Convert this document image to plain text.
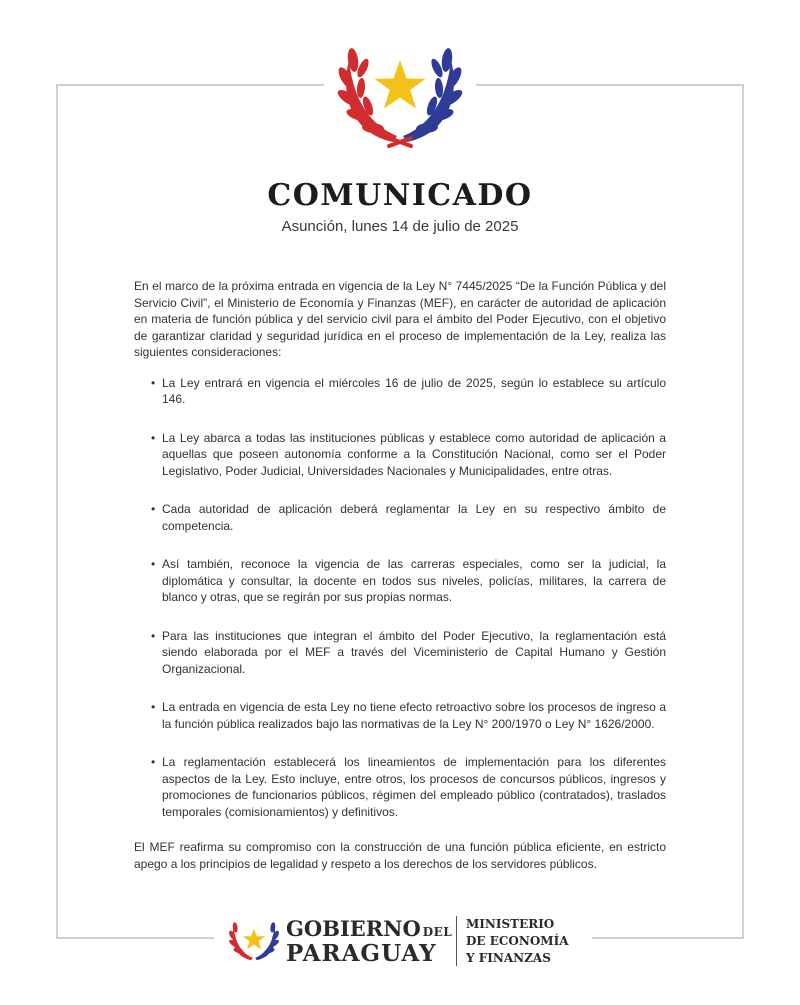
COMUNICADO
Asunción, lunes 14 de julio de 2025

En el marco de la próxima entrada en vigencia de la Ley N° 7445/2025 “De la Función Pública y del Servicio Civil”, el Ministerio de Economía y Finanzas (MEF), en carácter de autoridad de aplicación en materia de función pública y del servicio civil para el ámbito del Poder Ejecutivo, con el objetivo de garantizar claridad y seguridad jurídica en el proceso de implementación de la Ley, realiza las siguientes consideraciones:

• La Ley entrará en vigencia el miércoles 16 de julio de 2025, según lo establece su artículo 146.
• La Ley abarca a todas las instituciones públicas y establece como autoridad de aplicación a aquellas que poseen autonomía conforme a la Constitución Nacional, como ser el Poder Legislativo, Poder Judicial, Universidades Nacionales y Municipalidades, entre otras.
• Cada autoridad de aplicación deberá reglamentar la Ley en su respectivo ámbito de competencia.
• Así también, reconoce la vigencia de las carreras especiales, como ser la judicial, la diplomática y consultar, la docente en todos sus niveles, policías, militares, la carrera de blanco y otras, que se regirán por sus propias normas.
• Para las instituciones que integran el ámbito del Poder Ejecutivo, la reglamentación está siendo elaborada por el MEF a través del Viceministerio de Capital Humano y Gestión Organizacional.
• La entrada en vigencia de esta Ley no tiene efecto retroactivo sobre los procesos de ingreso a la función pública realizados bajo las normativas de la Ley N° 200/1970 o Ley N° 1626/2000.
• La reglamentación establecerá los lineamientos de implementación para los diferentes aspectos de la Ley. Esto incluye, entre otros, los procesos de concursos públicos, ingresos y promociones de funcionarios públicos, régimen del empleado público (contratados), traslados temporales (comisionamientos) y definitivos.

El MEF reafirma su compromiso con la construcción de una función pública eficiente, en estricto apego a los principios de legalidad y respeto a los derechos de los servidores públicos.

GOBIERNO DEL
PARAGUAY
MINISTERIO
DE ECONOMÍA
Y FINANZAS
